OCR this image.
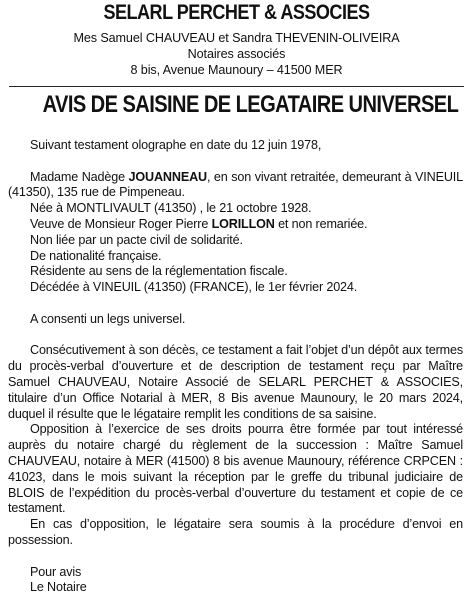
SELARL PERCHET & ASSOCIES
Mes Samuel CHAUVEAU et Sandra THEVENIN-OLIVEIRA
Notaires associés
8 bis, Avenue Maunoury – 41500 MER
AVIS DE SAISINE DE LEGATAIRE UNIVERSEL

Suivant testament olographe en date du 12 juin 1978,

Madame Nadège JOUANNEAU, en son vivant retraitée, demeurant à VINEUIL (41350), 135 rue de Pimpeneau.

Née à MONTLIVAULT (41350) , le 21 octobre 1928.

Veuve de Monsieur Roger Pierre LORILLON et non remariée.

Non liée par un pacte civil de solidarité.

De nationalité française.

Résidente au sens de la réglementation fiscale.

Décédée à VINEUIL (41350) (FRANCE), le 1er février 2024.

A consenti un legs universel.

Consécutivement à son décès, ce testament a fait l’objet d’un dépôt aux termes du procès-verbal d’ouverture et de description de testament reçu par Maître Samuel CHAUVEAU, Notaire Associé de SELARL PERCHET & ASSOCIES, titulaire d’un Office Notarial à MER, 8 Bis avenue Maunoury, le 20 mars 2024, duquel il résulte que le légataire remplit les conditions de sa saisine.

Opposition à l’exercice de ses droits pourra être formée par tout intéressé auprès du notaire chargé du règlement de la succession : Maître Samuel CHAUVEAU, notaire à MER (41500) 8 bis avenue Maunoury, référence CRPCEN : 41023, dans le mois suivant la réception par le greffe du tribunal judiciaire de BLOIS de l’expédition du procès-verbal d’ouverture du testament et copie de ce testament.

En cas d’opposition, le légataire sera soumis à la procédure d’envoi en possession.

Pour avis

Le Notaire
